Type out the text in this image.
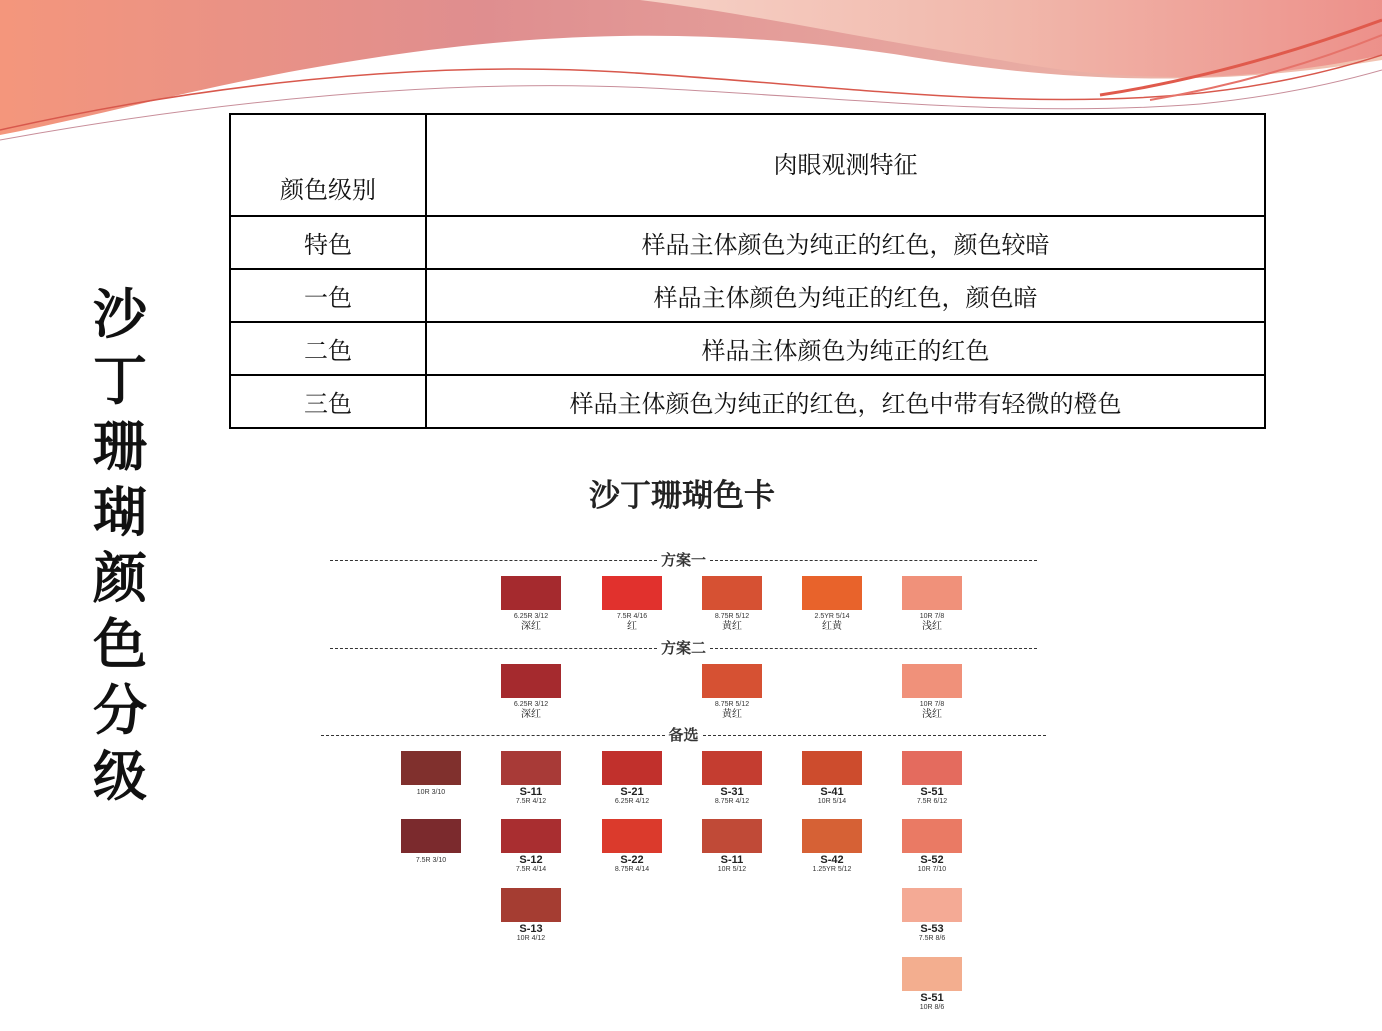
沙
丁
珊
瑚
颜
色
分
级
颜色级别	肉眼观测特征
特色	样品主体颜色为纯正的红色，颜色较暗
一色	样品主体颜色为纯正的红色，颜色暗
二色	样品主体颜色为纯正的红色
三色	样品主体颜色为纯正的红色，红色中带有轻微的橙色
沙丁珊瑚色卡
方案一
方案二
备选
6.25R 3/12
深红
7.5R 4/16
红
8.75R 5/12
黄红
2.5YR 5/14
红黄
10R 7/8
浅红
6.25R 3/12
深红
8.75R 5/12
黄红
10R 7/8
浅红
10R 3/10	S-11
7.5R 4/12
S-21
6.25R 4/12
S-31
8.75R 4/12
S-41
10R 5/14
S-51
7.5R 6/12
7.5R 3/10	S-12
7.5R 4/14
S-22
8.75R 4/14
S-11
10R 5/12
S-42
1.25YR 5/12
S-52
10R 7/10
S-13
10R 4/12
S-53
7.5R 8/6
S-51
10R 8/6
